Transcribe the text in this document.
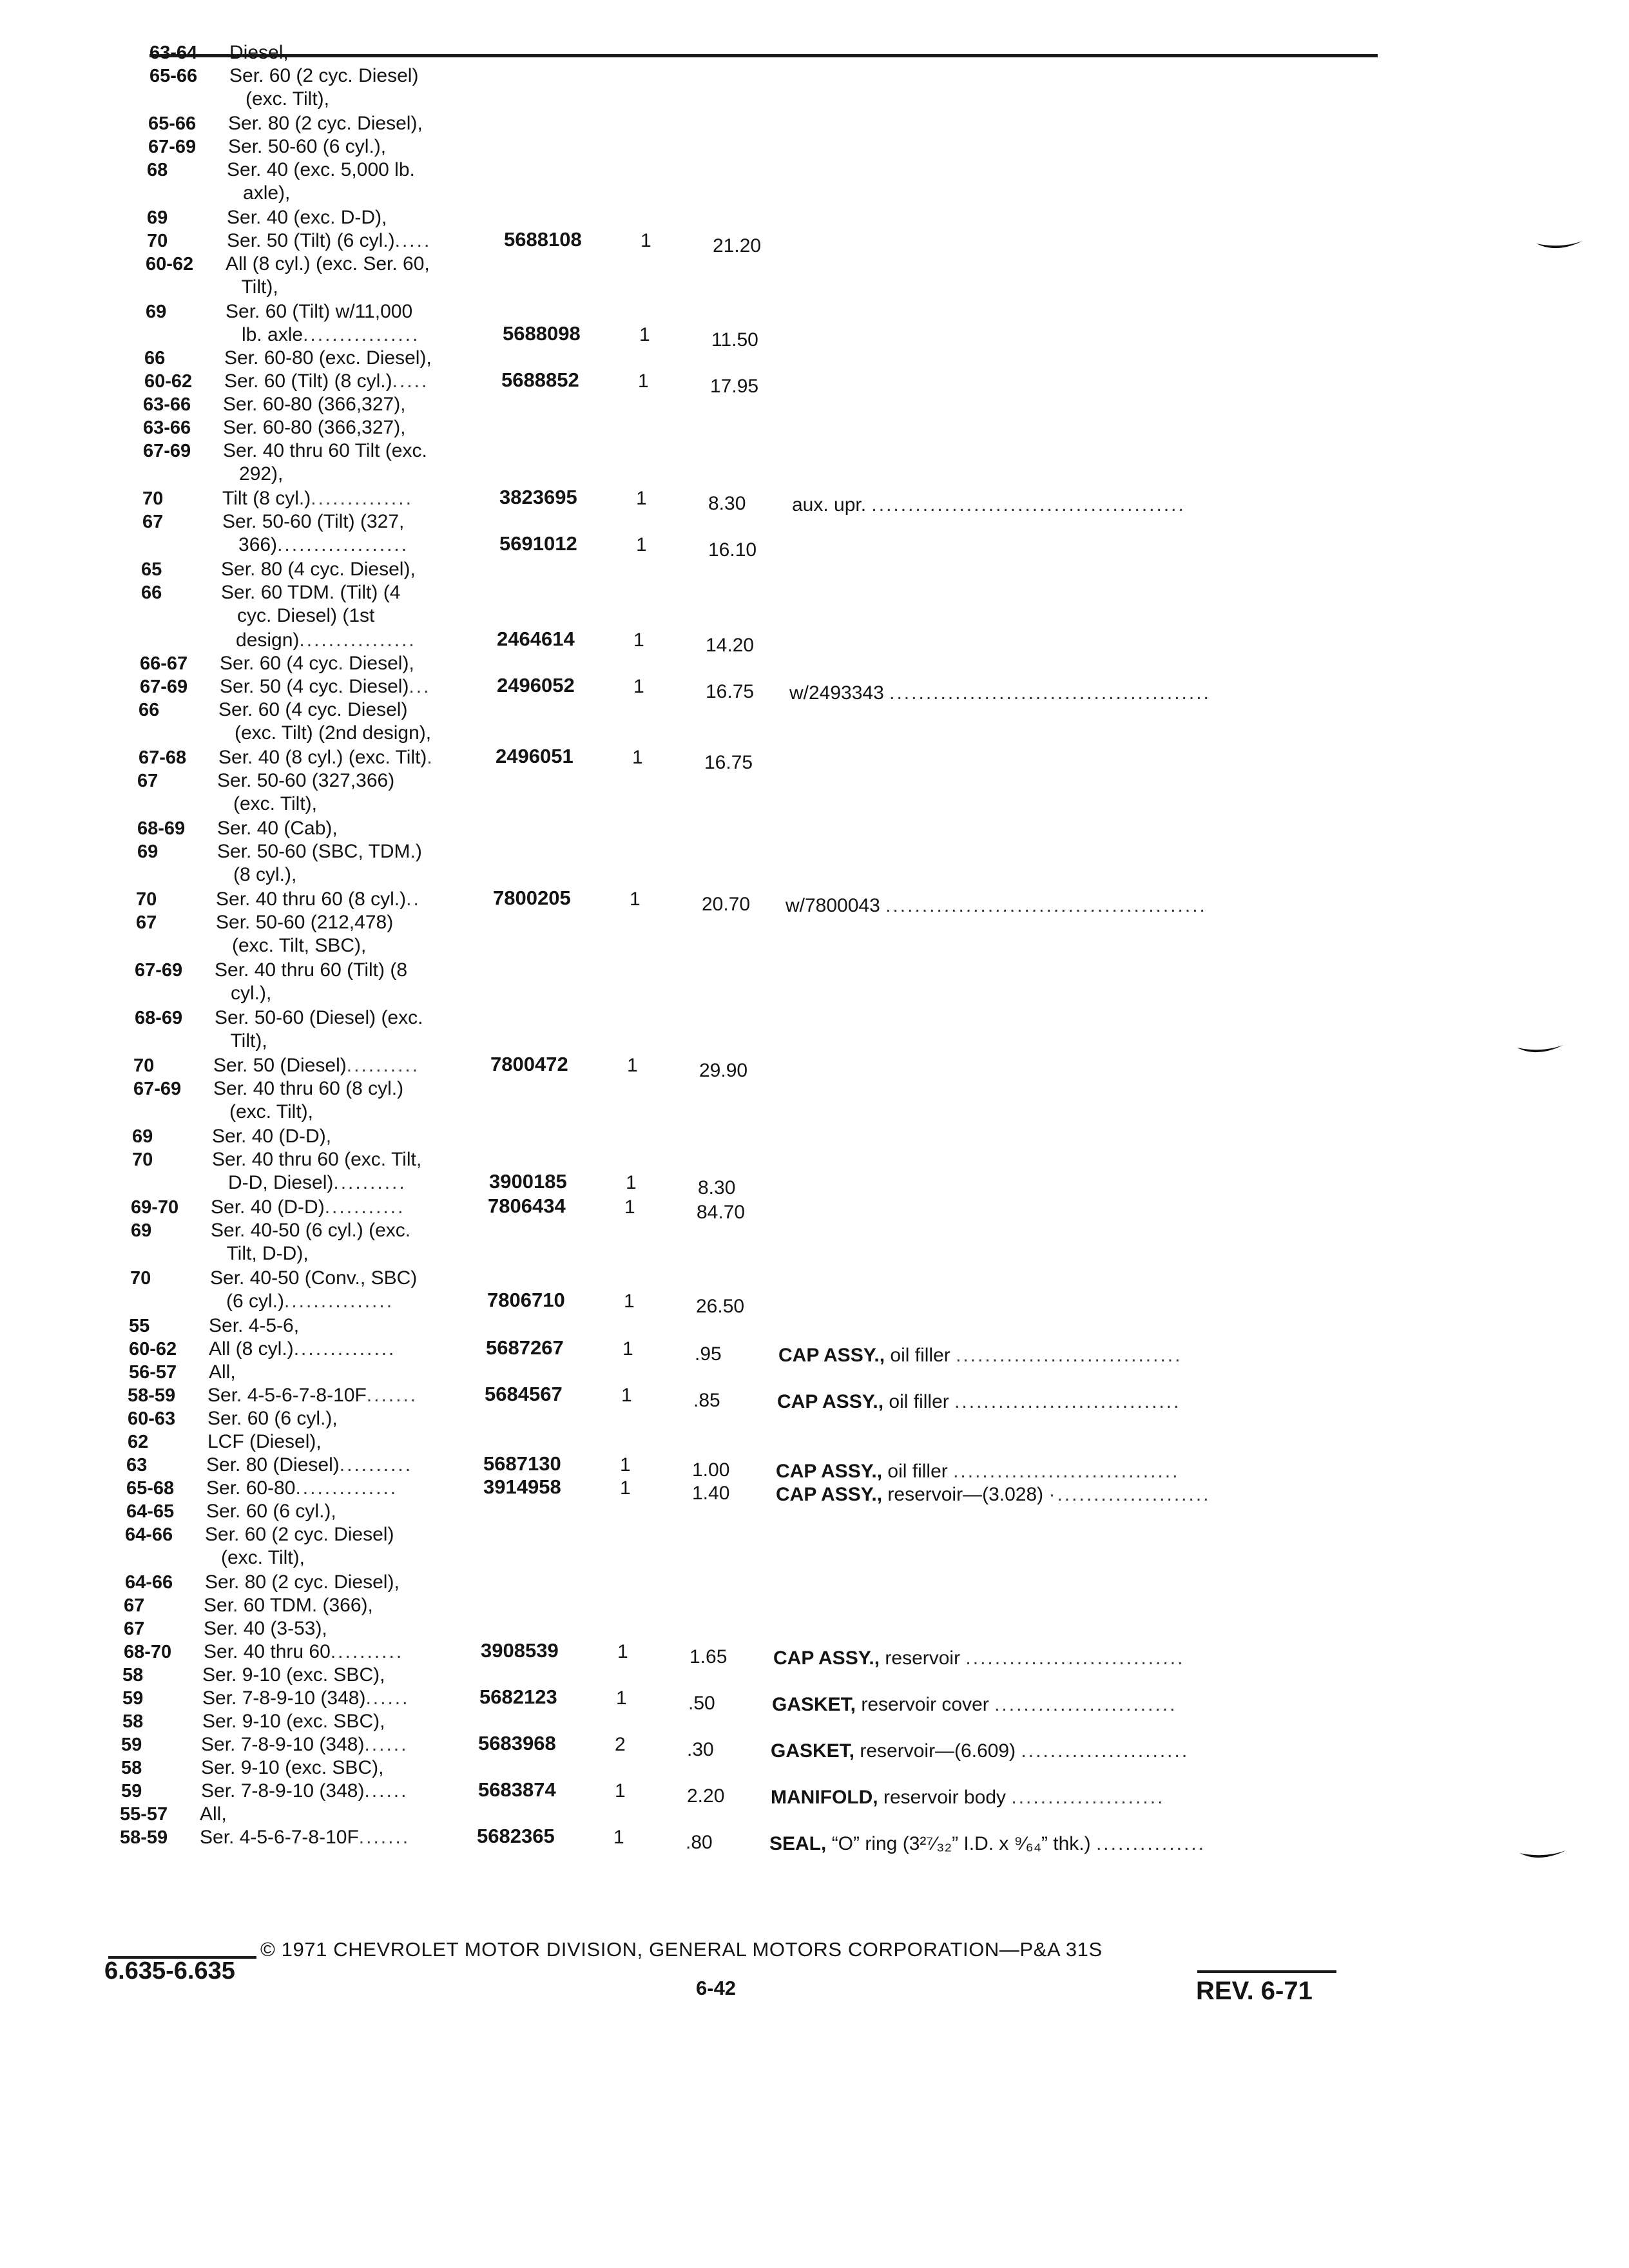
63-64 Diesel,
65-66 Ser. 60 (2 cyc. Diesel)
(exc. Tilt),
65-66 Ser. 80 (2 cyc. Diesel),
67-69 Ser. 50-60 (6 cyl.),
68	Ser. 40 (exc. 5,000 lb.
axle),
69	Ser. 40 (exc. D-D),
70	Ser. 50 (Tilt) (6 cyl.).....	5688108	1	21.20
60-62 All (8 cyl.) (exc. Ser. 60,
Tilt),
69	Ser. 60 (Tilt) w/11,000
lb. axle................	5688098	1	11.50
66	Ser. 60-80 (exc. Diesel),
60-62 Ser. 60 (Tilt) (8 cyl.).....	5688852	1	17.95
63-66 Ser. 60-80 (366,327),
63-66 Ser. 60-80 (366,327),
67-69 Ser. 40 thru 60 Tilt (exc.
292),
70	Tilt (8 cyl.)..............	3823695	1	8.30 aux. upr. ...........................................
67	Ser. 50-60 (Tilt) (327,
366)..................	5691012	1	16.10
65	Ser. 80 (4 cyc. Diesel),
66	Ser. 60 TDM. (Tilt) (4
cyc. Diesel) (1st
design)................	2464614	1	14.20
66-67 Ser. 60 (4 cyc. Diesel),
67-69 Ser. 50 (4 cyc. Diesel)...	2496052	1	16.75 w/2493343 ............................................
66	Ser. 60 (4 cyc. Diesel)
(exc. Tilt) (2nd design),
67-68 Ser. 40 (8 cyl.) (exc. Tilt).	2496051	1	16.75
67	Ser. 50-60 (327,366)
(exc. Tilt),
68-69 Ser. 40 (Cab),
69	Ser. 50-60 (SBC, TDM.)
(8 cyl.),
70	Ser. 40 thru 60 (8 cyl.)..	7800205	1	20.70 w/7800043 ............................................
67	Ser. 50-60 (212,478)
(exc. Tilt, SBC),
67-69 Ser. 40 thru 60 (Tilt) (8
cyl.),
68-69 Ser. 50-60 (Diesel) (exc.
Tilt),
70	Ser. 50 (Diesel)..........	7800472	1	29.90
67-69 Ser. 40 thru 60 (8 cyl.)
(exc. Tilt),
69	Ser. 40 (D-D),
70	Ser. 40 thru 60 (exc. Tilt,
D-D, Diesel)..........	3900185	1	8.30
69-70 Ser. 40 (D-D)...........	7806434	1	84.70
69	Ser. 40-50 (6 cyl.) (exc.
Tilt, D-D),
70	Ser. 40-50 (Conv., SBC)
(6 cyl.)...............	7806710	1	26.50
55	Ser. 4-5-6,
60-62 All (8 cyl.)..............	5687267	1	.95	CAP ASSY., oil filler ...............................
56-57 All,
58-59 Ser. 4-5-6-7-8-10F.......	5684567	1	.85	CAP ASSY., oil filler ...............................
60-63 Ser. 60 (6 cyl.),
62	LCF (Diesel),
63	Ser. 80 (Diesel)..........	5687130	1	1.00 CAP ASSY., oil filler ...............................
65-68 Ser. 60-80..............	3914958	1	1.40 CAP ASSY., reservoir—(3.028) ·.....................
64-65 Ser. 60 (6 cyl.),
64-66 Ser. 60 (2 cyc. Diesel)
(exc. Tilt),
64-66 Ser. 80 (2 cyc. Diesel),
67	Ser. 60 TDM. (366),
67	Ser. 40 (3-53),
68-70 Ser. 40 thru 60..........	3908539	1	1.65 CAP ASSY., reservoir ..............................
58	Ser. 9-10 (exc. SBC),
59	Ser. 7-8-9-10 (348)......	5682123	1	.50	GASKET, reservoir cover .........................
58	Ser. 9-10 (exc. SBC),
59	Ser. 7-8-9-10 (348)......	5683968	2	.30	GASKET, reservoir—(6.609) .......................
58	Ser. 9-10 (exc. SBC),
59	Ser. 7-8-9-10 (348)......	5683874	1	2.20 MANIFOLD, reservoir body .....................
55-57 All,
58-59 Ser. 4-5-6-7-8-10F.......	5682365	1	.80	SEAL, “O” ring (3²⁷⁄₃₂” I.D. x ⁹⁄₆₄” thk.) ...............
© 1971 CHEVROLET MOTOR DIVISION, GENERAL MOTORS CORPORATION—P&A 31S
6.635-6.635
6-42	REV. 6-71
